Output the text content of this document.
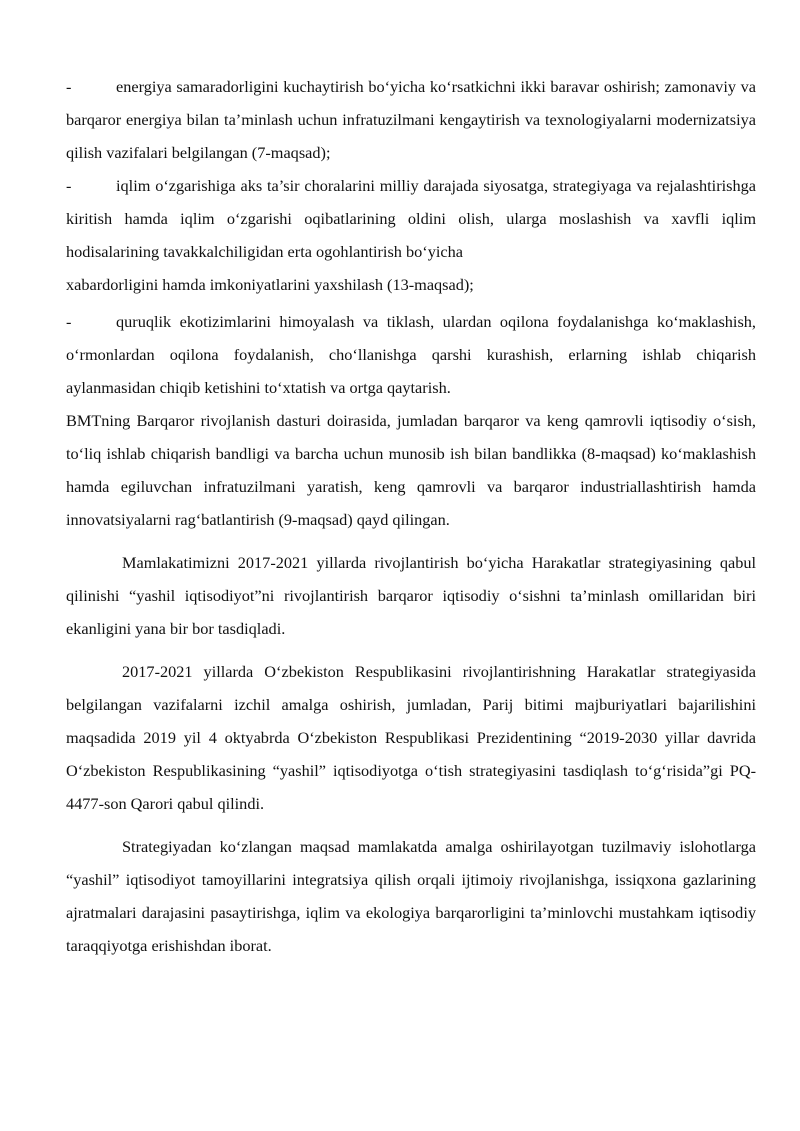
-	energiya samaradorligini kuchaytirish bo‘yicha ko‘rsatkichni ikki baravar oshirish; zamonaviy va barqaror energiya bilan ta’minlash uchun infratuzilmani kengaytirish va texnologiyalarni modernizatsiya qilish vazifalari belgilangan (7-maqsad);

-	iqlim o‘zgarishiga aks ta’sir choralarini milliy darajada siyosatga, strategiyaga va rejalashtirishga kiritish hamda iqlim o‘zgarishi oqibatlarining oldini olish, ularga moslashish va xavfli iqlim hodisalarining tavakkalchiligidan erta ogohlantirish bo‘yicha

xabardorligini hamda imkoniyatlarini yaxshilash (13-maqsad);

-	quruqlik ekotizimlarini himoyalash va tiklash, ulardan oqilona foydalanishga ko‘maklashish, o‘rmonlardan oqilona foydalanish, cho‘llanishga qarshi kurashish, erlarning ishlab chiqarish aylanmasidan chiqib ketishini to‘xtatish va ortga qaytarish.

BMTning Barqaror rivojlanish dasturi doirasida, jumladan barqaror va keng qamrovli iqtisodiy o‘sish, to‘liq ishlab chiqarish bandligi va barcha uchun munosib ish bilan bandlikka (8-maqsad) ko‘maklashish hamda egiluvchan infratuzilmani yaratish, keng qamrovli va barqaror industriallashtirish hamda innovatsiyalarni rag‘batlantirish (9-maqsad) qayd qilingan.

Mamlakatimizni 2017-2021 yillarda rivojlantirish bo‘yicha Harakatlar strategiyasining qabul qilinishi “yashil iqtisodiyot”ni rivojlantirish barqaror iqtisodiy o‘sishni ta’minlash omillaridan biri ekanligini yana bir bor tasdiqladi.

2017-2021 yillarda O‘zbekiston Respublikasini rivojlantirishning Harakatlar strategiyasida belgilangan vazifalarni izchil amalga oshirish, jumladan, Parij bitimi majburiyatlari bajarilishini maqsadida 2019 yil 4 oktyabrda O‘zbekiston Respublikasi Prezidentining “2019-2030 yillar davrida O‘zbekiston Respublikasining “yashil” iqtisodiyotga o‘tish strategiyasini tasdiqlash to‘g‘risida”gi PQ-4477-son Qarori qabul qilindi.

Strategiyadan ko‘zlangan maqsad mamlakatda amalga oshirilayotgan tuzilmaviy islohotlarga “yashil” iqtisodiyot tamoyillarini integratsiya qilish orqali ijtimoiy rivojlanishga, issiqxona gazlarining ajratmalari darajasini pasaytirishga, iqlim va ekologiya barqarorligini ta’minlovchi mustahkam iqtisodiy taraqqiyotga erishishdan iborat.
